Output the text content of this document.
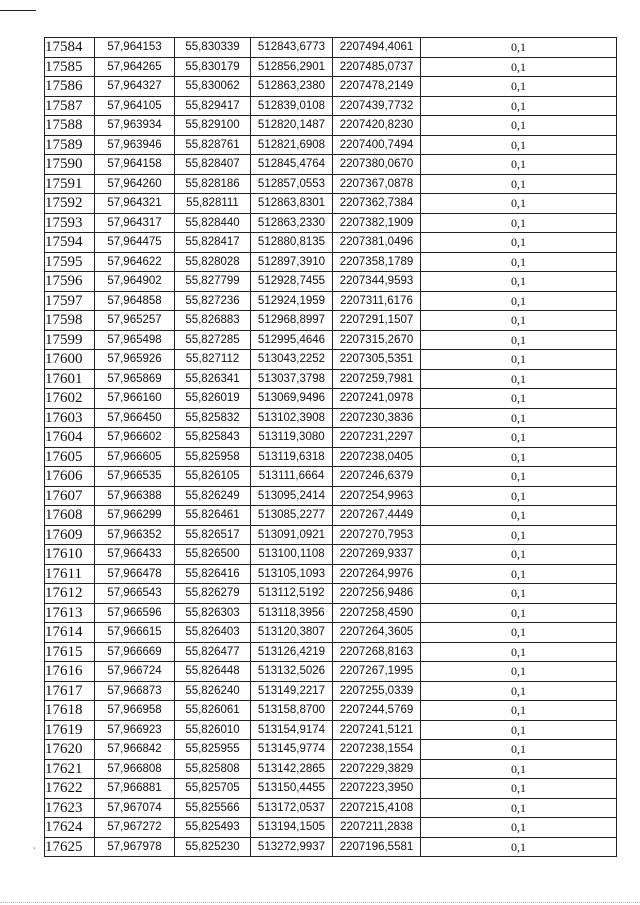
`
17584	57,964153	55,830339	512843,6773	2207494,4061	0,1
17585	57,964265	55,830179	512856,2901	2207485,0737	0,1
17586	57,964327	55,830062	512863,2380	2207478,2149	0,1
17587	57,964105	55,829417	512839,0108	2207439,7732	0,1
17588	57,963934	55,829100	512820,1487	2207420,8230	0,1
17589	57,963946	55,828761	512821,6908	2207400,7494	0,1
17590	57,964158	55,828407	512845,4764	2207380,0670	0,1
17591	57,964260	55,828186	512857,0553	2207367,0878	0,1
17592	57,964321	55,828111	512863,8301	2207362,7384	0,1
17593	57,964317	55,828440	512863,2330	2207382,1909	0,1
17594	57,964475	55,828417	512880,8135	2207381,0496	0,1
17595	57,964622	55,828028	512897,3910	2207358,1789	0,1
17596	57,964902	55,827799	512928,7455	2207344,9593	0,1
17597	57,964858	55,827236	512924,1959	2207311,6176	0,1
17598	57,965257	55,826883	512968,8997	2207291,1507	0,1
17599	57,965498	55,827285	512995,4646	2207315,2670	0,1
17600	57,965926	55,827112	513043,2252	2207305,5351	0,1
17601	57,965869	55,826341	513037,3798	2207259,7981	0,1
17602	57,966160	55,826019	513069,9496	2207241,0978	0,1
17603	57,966450	55,825832	513102,3908	2207230,3836	0,1
17604	57,966602	55,825843	513119,3080	2207231,2297	0,1
17605	57,966605	55,825958	513119,6318	2207238,0405	0,1
17606	57,966535	55,826105	513111,6664	2207246,6379	0,1
17607	57,966388	55,826249	513095,2414	2207254,9963	0,1
17608	57,966299	55,826461	513085,2277	2207267,4449	0,1
17609	57,966352	55,826517	513091,0921	2207270,7953	0,1
17610	57,966433	55,826500	513100,1108	2207269,9337	0,1
17611	57,966478	55,826416	513105,1093	2207264,9976	0,1
17612	57,966543	55,826279	513112,5192	2207256,9486	0,1
17613	57,966596	55,826303	513118,3956	2207258,4590	0,1
17614	57,966615	55,826403	513120,3807	2207264,3605	0,1
17615	57,966669	55,826477	513126,4219	2207268,8163	0,1
17616	57,966724	55,826448	513132,5026	2207267,1995	0,1
17617	57,966873	55,826240	513149,2217	2207255,0339	0,1
17618	57,966958	55,826061	513158,8700	2207244,5769	0,1
17619	57,966923	55,826010	513154,9174	2207241,5121	0,1
17620	57,966842	55,825955	513145,9774	2207238,1554	0,1
17621	57,966808	55,825808	513142,2865	2207229,3829	0,1
17622	57,966881	55,825705	513150,4455	2207223,3950	0,1
17623	57,967074	55,825566	513172,0537	2207215,4108	0,1
17624	57,967272	55,825493	513194,1505	2207211,2838	0,1
17625	57,967978	55,825230	513272,9937	2207196,5581	0,1
